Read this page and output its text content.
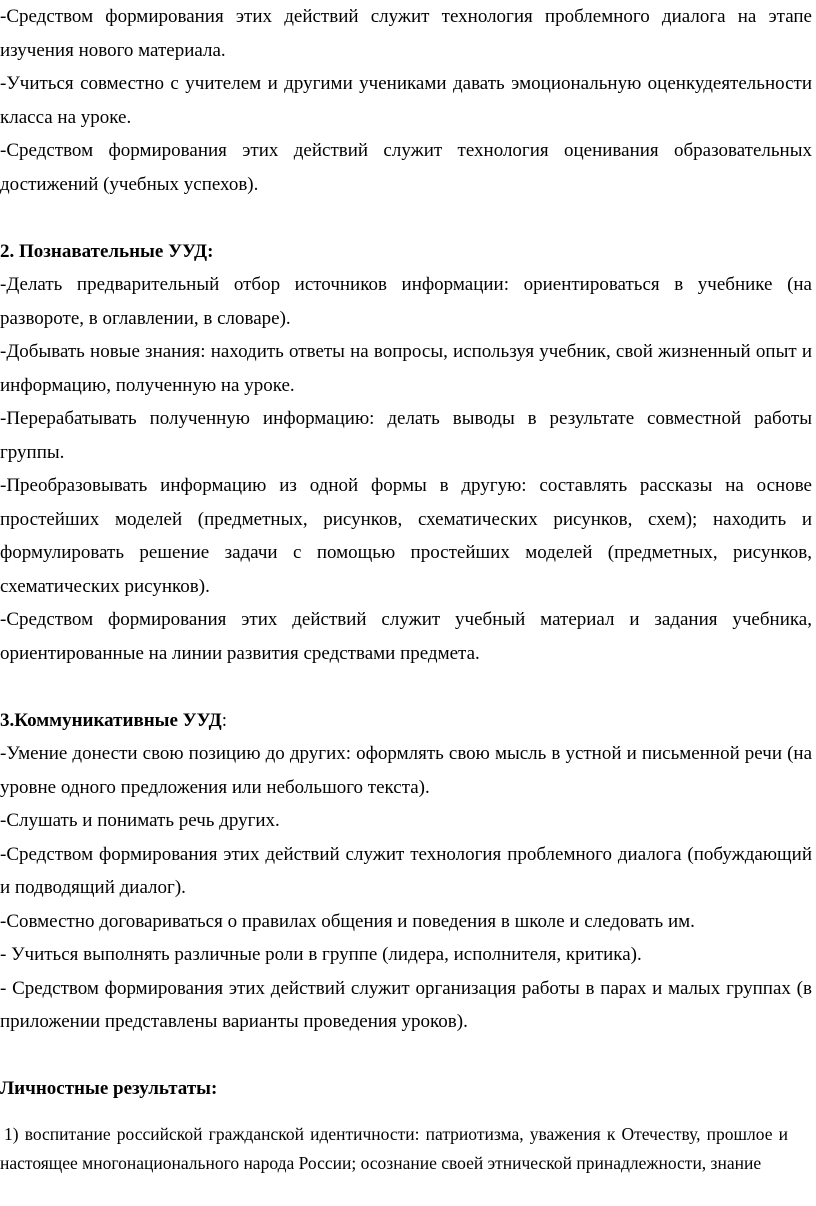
-Средством формирования этих действий служит технология проблемного диалога на этапе изучения нового материала.

-Учиться совместно с учителем и другими учениками давать эмоциональную оценкудеятельности класса на уроке.

-Средством формирования этих действий служит технология оценивания образовательных достижений (учебных успехов).

2. Познавательные УУД:

-Делать предварительный отбор источников информации: ориентироваться в учебнике (на развороте, в оглавлении, в словаре).

-Добывать новые знания: находить ответы на вопросы, используя учебник, свой жизненный опыт и информацию, полученную на уроке.

-Перерабатывать полученную информацию: делать выводы в результате совместной работы группы.

-Преобразовывать информацию из одной формы в другую: составлять рассказы на основе простейших моделей (предметных, рисунков, схематических рисунков, схем); находить и формулировать решение задачи с помощью простейших моделей (предметных, рисунков, схематических рисунков).

-Средством формирования этих действий служит учебный материал и задания учебника, ориентированные на линии развития средствами предмета.

3.Коммуникативные УУД:

-Умение донести свою позицию до других: оформлять свою мысль в устной и письменной речи (на уровне одного предложения или небольшого текста).

-Слушать и понимать речь других.

-Средством формирования этих действий служит технология проблемного диалога (побуждающий и подводящий диалог).

-Совместно договариваться о правилах общения и поведения в школе и следовать им.

- Учиться выполнять различные роли в группе (лидера, исполнителя, критика).

- Средством формирования этих действий служит организация работы в парах и малых группах (в приложении представлены варианты проведения уроков).

Личностные результаты:

1) воспитание российской гражданской идентичности: патриотизма, уважения к Отечеству, прошлое и настоящее многонационального народа России; осознание своей этнической принадлежности, знание
